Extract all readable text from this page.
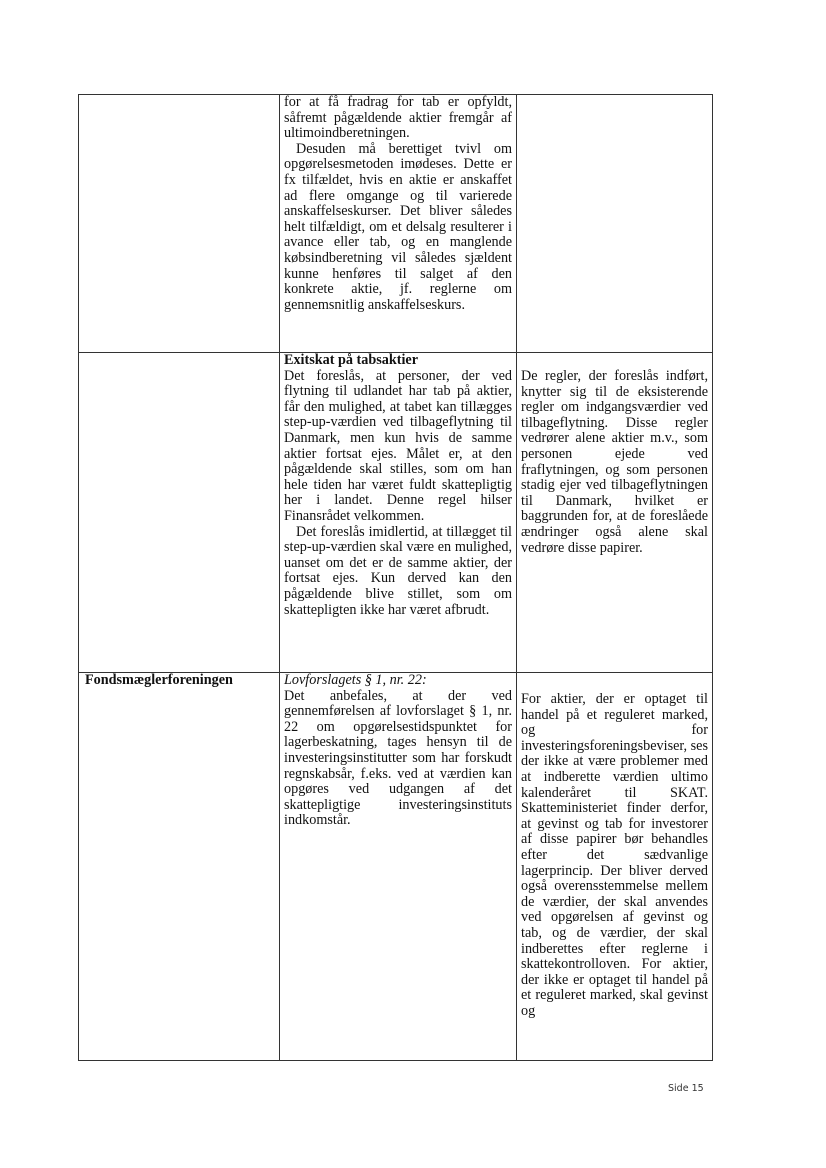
for at få fradrag for tab er opfyldt, såfremt pågældende aktier fremgår af ultimoindberetningen.

Desuden må berettiget tvivl om opgørelsesmetoden imødeses. Dette er fx tilfældet, hvis en aktie er anskaffet ad flere omgange og til varierede anskaffelseskurser. Det bliver således helt tilfældigt, om et delsalg resulterer i avance eller tab, og en manglende købsindberetning vil således sjældent kunne henføres til salget af den konkrete aktie, jf. reglerne om gennemsnitlig anskaffelseskurs.

Exitskat på tabsaktier

Det foreslås, at personer, der ved flytning til udlandet har tab på aktier, får den mulighed, at tabet kan tillægges step-up-værdien ved tilbageflytning til Danmark, men kun hvis de samme aktier fortsat ejes. Målet er, at den pågældende skal stilles, som om han hele tiden har været fuldt skattepligtig her i landet. Denne regel hilser Finansrådet velkommen.

Det foreslås imidlertid, at tillægget til step-up-værdien skal være en mulighed, uanset om det er de samme aktier, der fortsat ejes. Kun derved kan den pågældende blive stillet, som om skattepligten ikke har været afbrudt.

De regler, der foreslås indført, knytter sig til de eksisterende regler om indgangsværdier ved tilbageflytning. Disse regler vedrører alene aktier m.v., som personen ejede ved fraflytningen, og som personen stadig ejer ved tilbageflytningen til Danmark, hvilket er baggrunden for, at de foreslåede ændringer også alene skal vedrøre disse papirer.
Fondsmæglerforeningen	Lovforslagets § 1, nr. 22:

Det anbefales, at der ved gennemførelsen af lovforslaget § 1, nr. 22 om opgørelsestidspunktet for lagerbeskatning, tages hensyn til de investeringsinstitutter som har forskudt regnskabsår, f.eks. ved at værdien kan opgøres ved udgangen af det skattepligtige investeringsinstituts indkomstår.

For aktier, der er optaget til handel på et reguleret marked, og for investeringsforeningsbeviser, ses der ikke at være problemer med at indberette værdien ultimo kalenderåret til SKAT. Skatteministeriet finder derfor, at gevinst og tab for investorer af disse papirer bør behandles efter det sædvanlige lagerprincip. Der bliver derved også overensstemmelse mellem de værdier, der skal anvendes ved opgørelsen af gevinst og tab, og de værdier, der skal indberettes efter reglerne i skattekontrolloven. For aktier, der ikke er optaget til handel på et reguleret marked, skal gevinst og
Side 15
